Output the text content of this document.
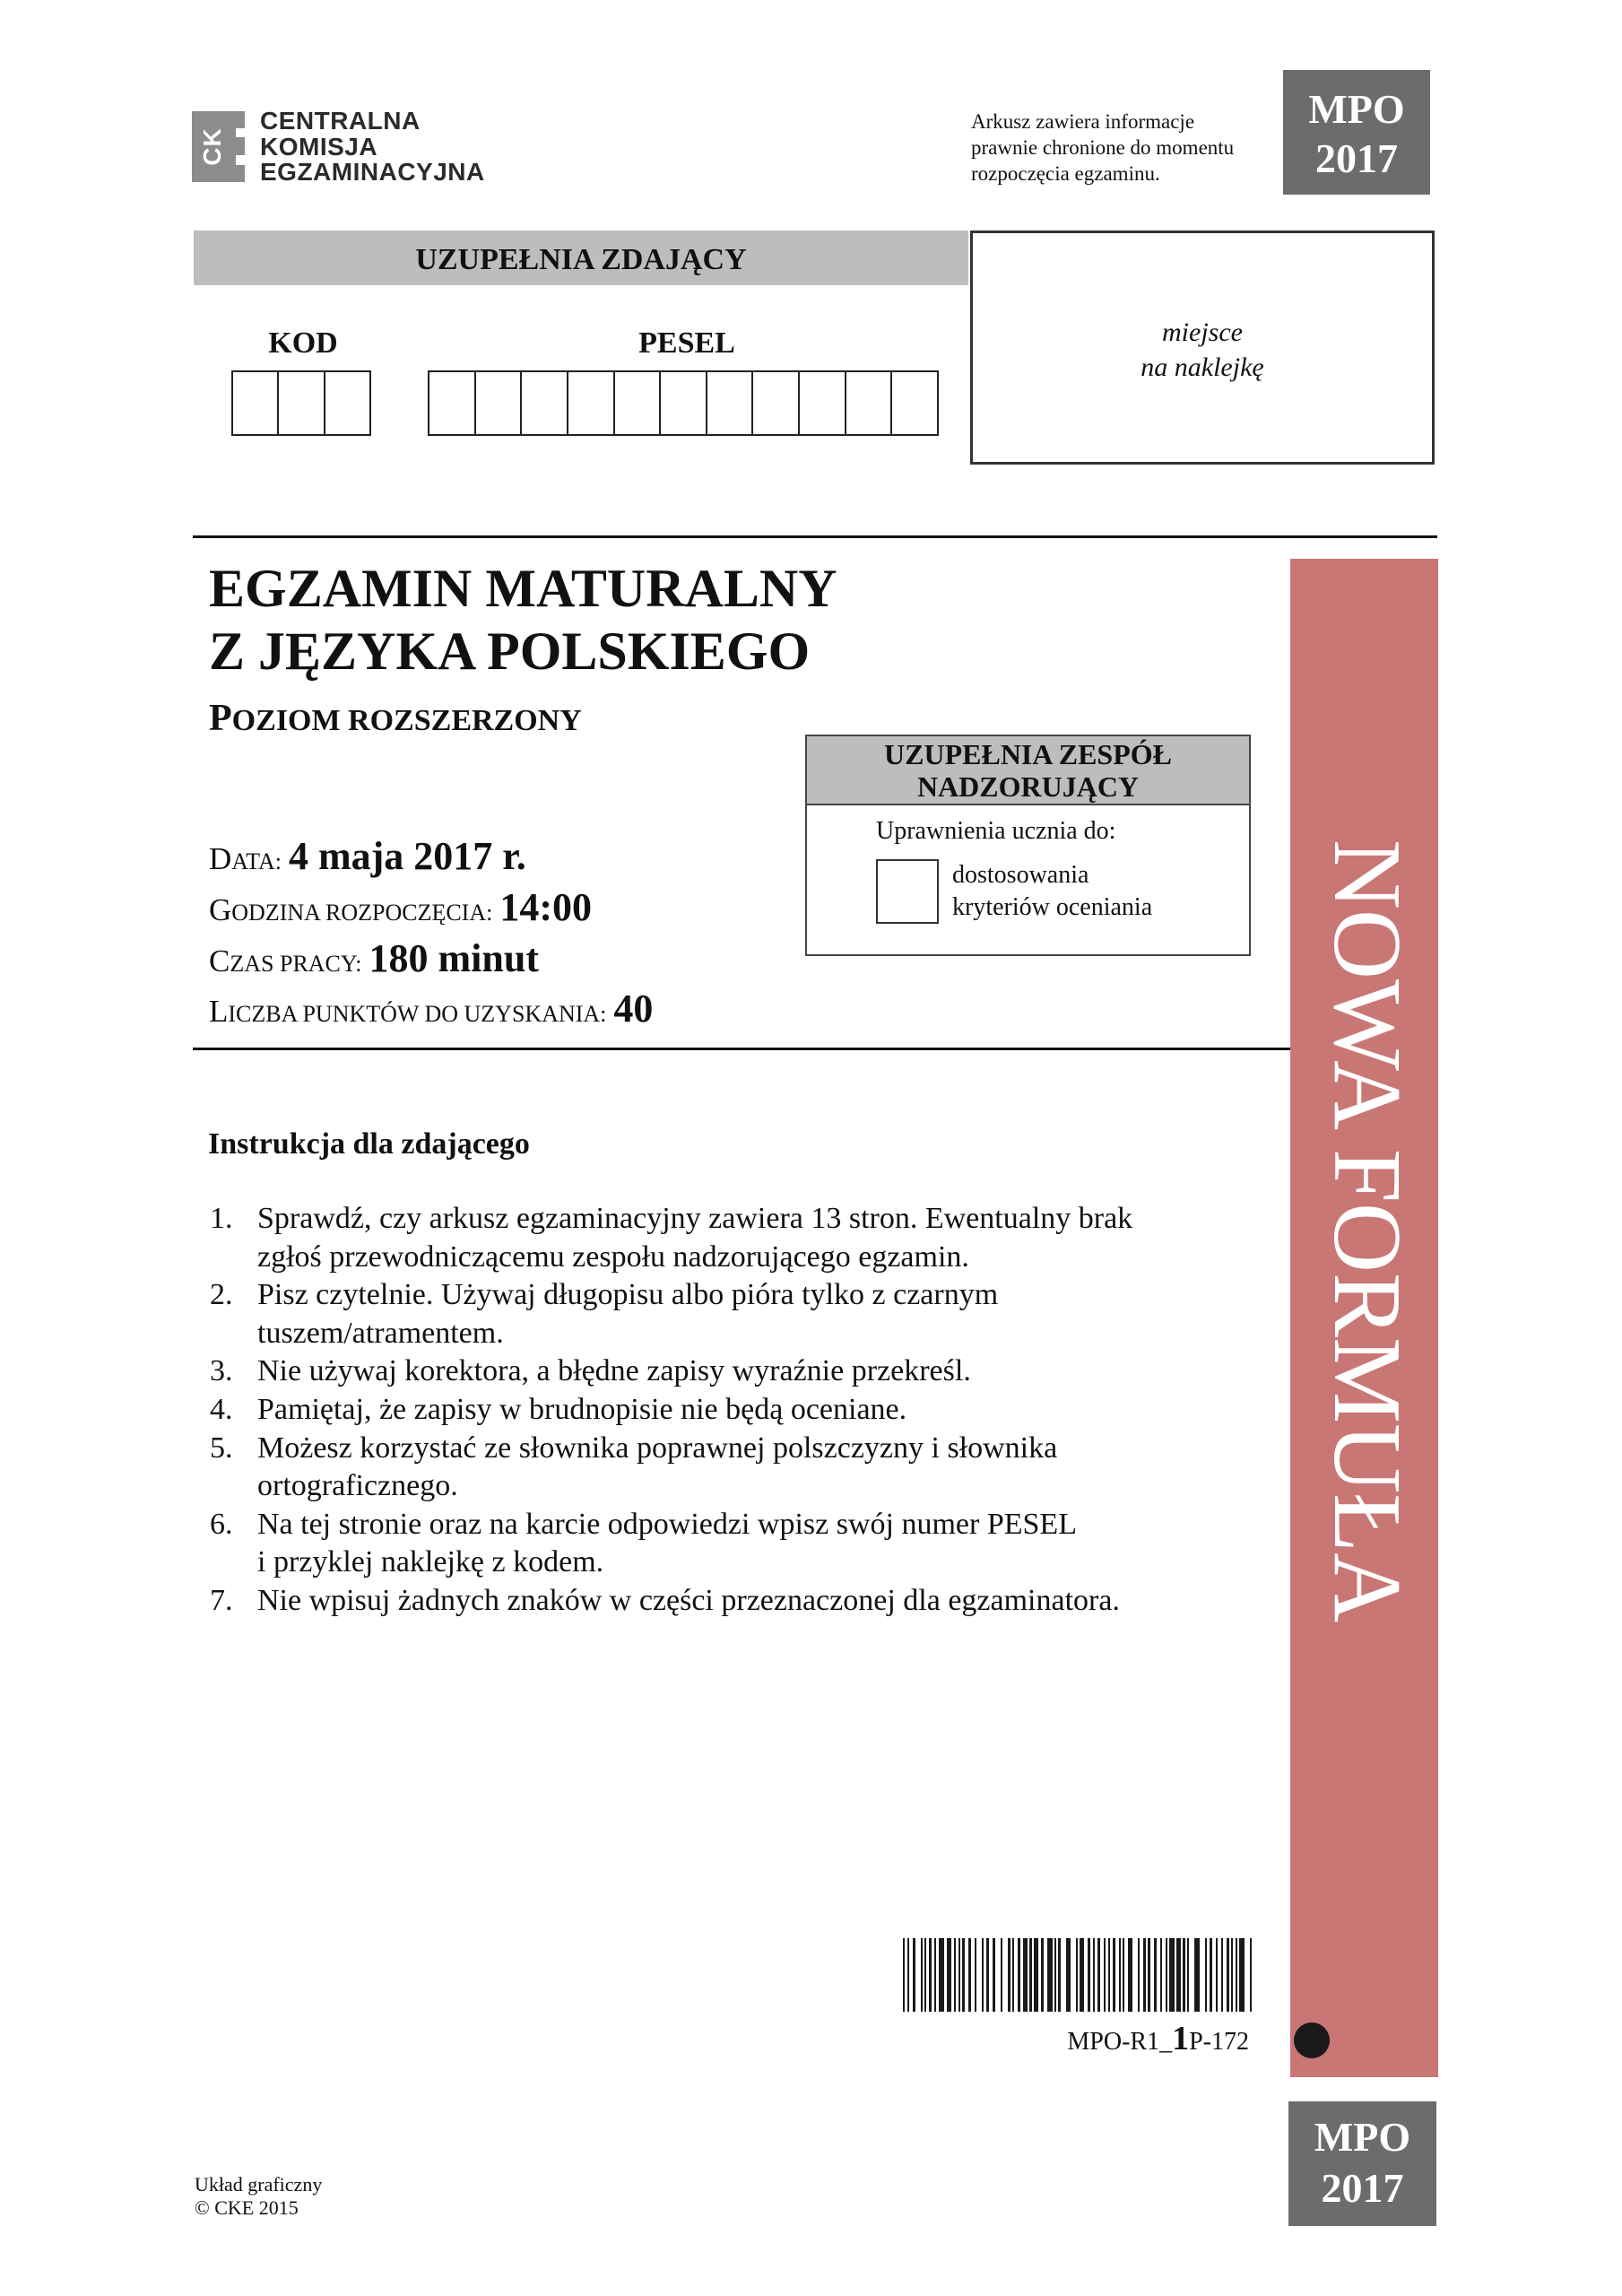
CK
CENTRALNA
KOMISJA
EGZAMINACYJNA
Arkusz zawiera informacje
prawnie chronione do momentu
rozpoczęcia egzaminu.
MPO
2017
UZUPEŁNIA ZDAJĄCY
KOD	PESEL	miejsce
na naklejkę
EGZAMIN MATURALNY
Z JĘZYKA POLSKIEGO
POZIOM ROZSZERZONY
DATA: 4 maja 2017 r.
GODZINA ROZPOCZĘCIA: 14:00
CZAS PRACY: 180 minut
LICZBA PUNKTÓW DO UZYSKANIA: 40
UZUPEŁNIA ZESPÓŁ
NADZORUJĄCY
Uprawnienia ucznia do:
dostosowania
kryteriów oceniania NOWA FORMUŁA
Instrukcja dla zdającego
1. Sprawdź, czy arkusz egzaminacyjny zawiera 13 stron. Ewentualny brak
zgłoś przewodniczącemu zespołu nadzorującego egzamin.
2. Pisz czytelnie. Używaj długopisu albo pióra tylko z czarnym
tuszem/atramentem.
3. Nie używaj korektora, a błędne zapisy wyraźnie przekreśl.
4. Pamiętaj, że zapisy w brudnopisie nie będą oceniane.
5. Możesz korzystać ze słownika poprawnej polszczyzny i słownika
ortograficznego.
6. Na tej stronie oraz na karcie odpowiedzi wpisz swój numer PESEL
i przyklej naklejkę z kodem.
7. Nie wpisuj żadnych znaków w części przeznaczonej dla egzaminatora.
MPO-R1_1P-172
MPO
2017
Układ graficzny
© CKE 2015
